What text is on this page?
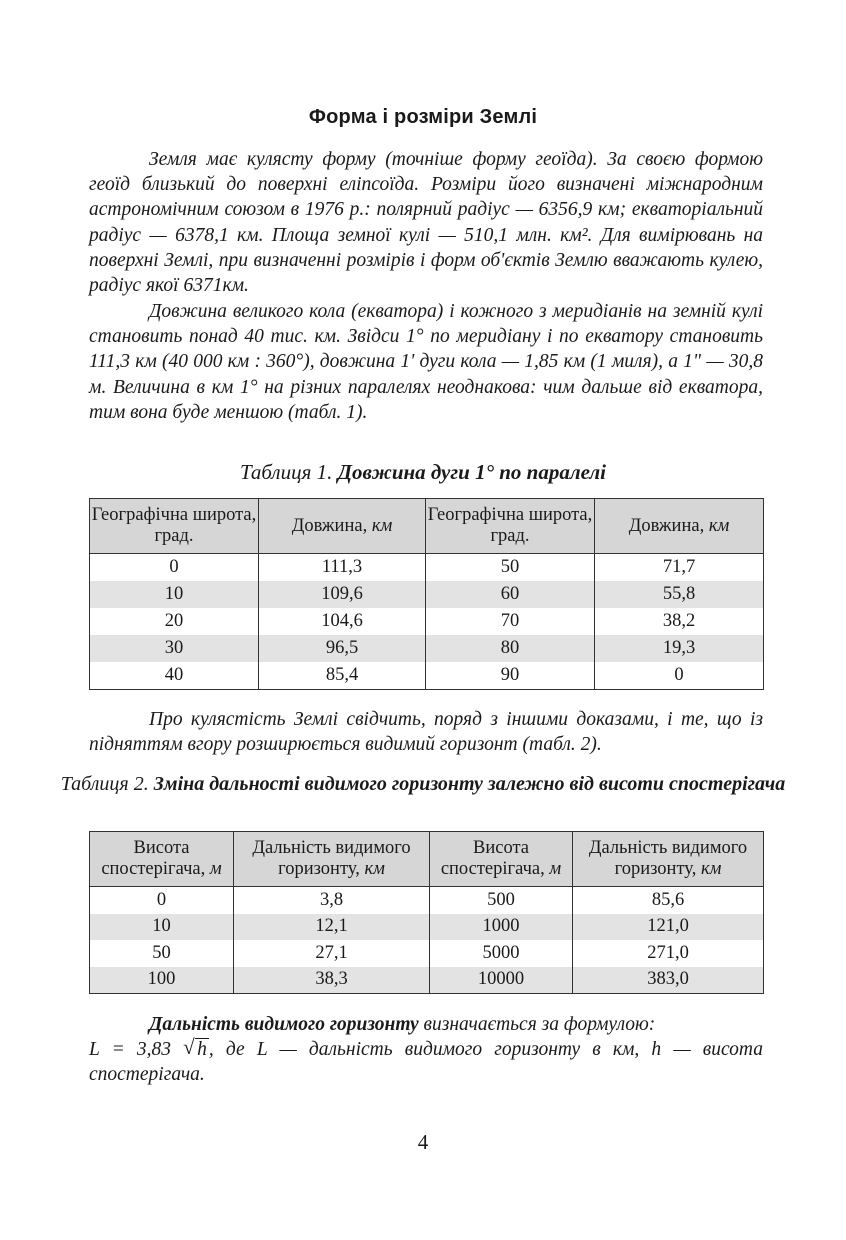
Форма і розміри Землі

Земля має кулясту форму (точніше форму геоїда). За своєю формою геоїд близький до поверхні еліпсоїда. Розміри його визначені міжнародним астрономічним союзом в 1976 р.: полярний радіус — 6356,9 км; екваторіальний радіус — 6378,1 км. Площа земної кулі — 510,1 млн. км². Для вимірювань на поверхні Землі, при визначенні розмірів і форм об'єктів Землю вважають кулею, радіус якої 6371км.

Довжина великого кола (екватора) і кожного з меридіанів на земній кулі становить понад 40 тис. км. Звідси 1° по меридіану і по екватору становить 111,3 км (40 000 км : 360°), довжина 1' дуги кола — 1,85 км (1 миля), а 1" — 30,8 м. Величина в км 1° на різних паралелях неоднакова: чим дальше від екватора, тим вона буде меншою (табл. 1).

Таблиця 1. Довжина дуги 1° по паралелі
Географічна широта, град.	Довжина, км	Географічна широта, град.	Довжина, км
0	111,3	50	71,7
10	109,6	60	55,8
20	104,6	70	38,2
30	96,5	80	19,3
40	85,4	90	0

Про кулястість Землі свідчить, поряд з іншими доказами, і те, що із підняттям вгору розширюється видимий горизонт (табл. 2).

Таблиця 2. Зміна дальності видимого горизонту залежно від висоти спостерігача
Висота спостерігача, м	Дальність видимого горизонту, км	Висота спостерігача, м	Дальність видимого горизонту, км
0	3,8	500	85,6
10	12,1	1000	121,0
50	27,1	5000	271,0
100	38,3	10000	383,0

Дальність видимого горизонту визначається за формулою:

L = 3,83 √ h , де L — дальність видимого горизонту в км, h — висота спостерігача.

4
